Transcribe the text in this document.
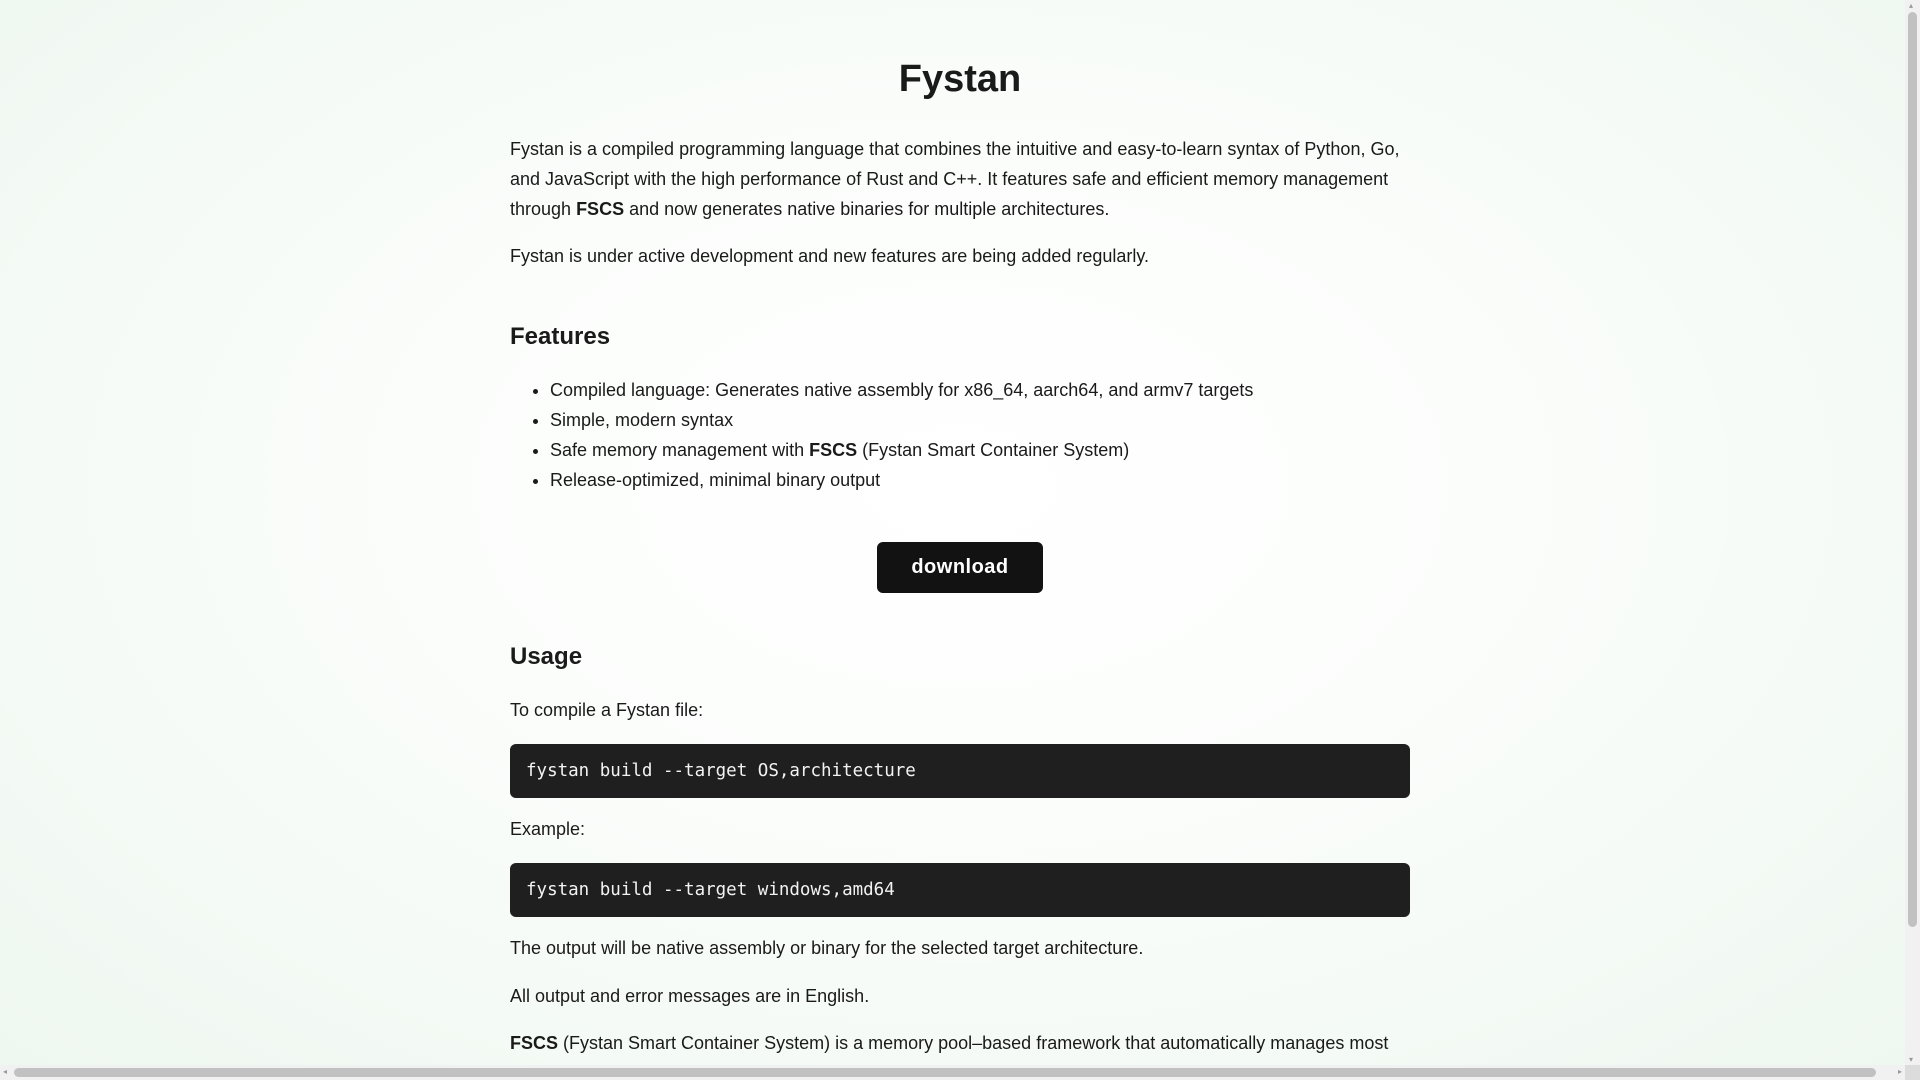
Fystan

Fystan is a compiled programming language that combines the intuitive and easy-to-learn syntax of Python, Go,
and JavaScript with the high performance of Rust and C++. It features safe and efficient memory management
through FSCS and now generates native binaries for multiple architectures.

Fystan is under active development and new features are being added regularly.

Features
• Compiled language: Generates native assembly for x86_64, aarch64, and armv7 targets
• Simple, modern syntax
• Safe memory management with FSCS (Fystan Smart Container System)
• Release-optimized, minimal binary output
download
Usage

To compile a Fystan file:

fystan build --target OS,architecture

Example:

fystan build --target windows,amd64

The output will be native assembly or binary for the selected target architecture.

All output and error messages are in English.

FSCS (Fystan Smart Container System) is a memory pool–based framework that automatically manages most

▴
▾
◂	▸
